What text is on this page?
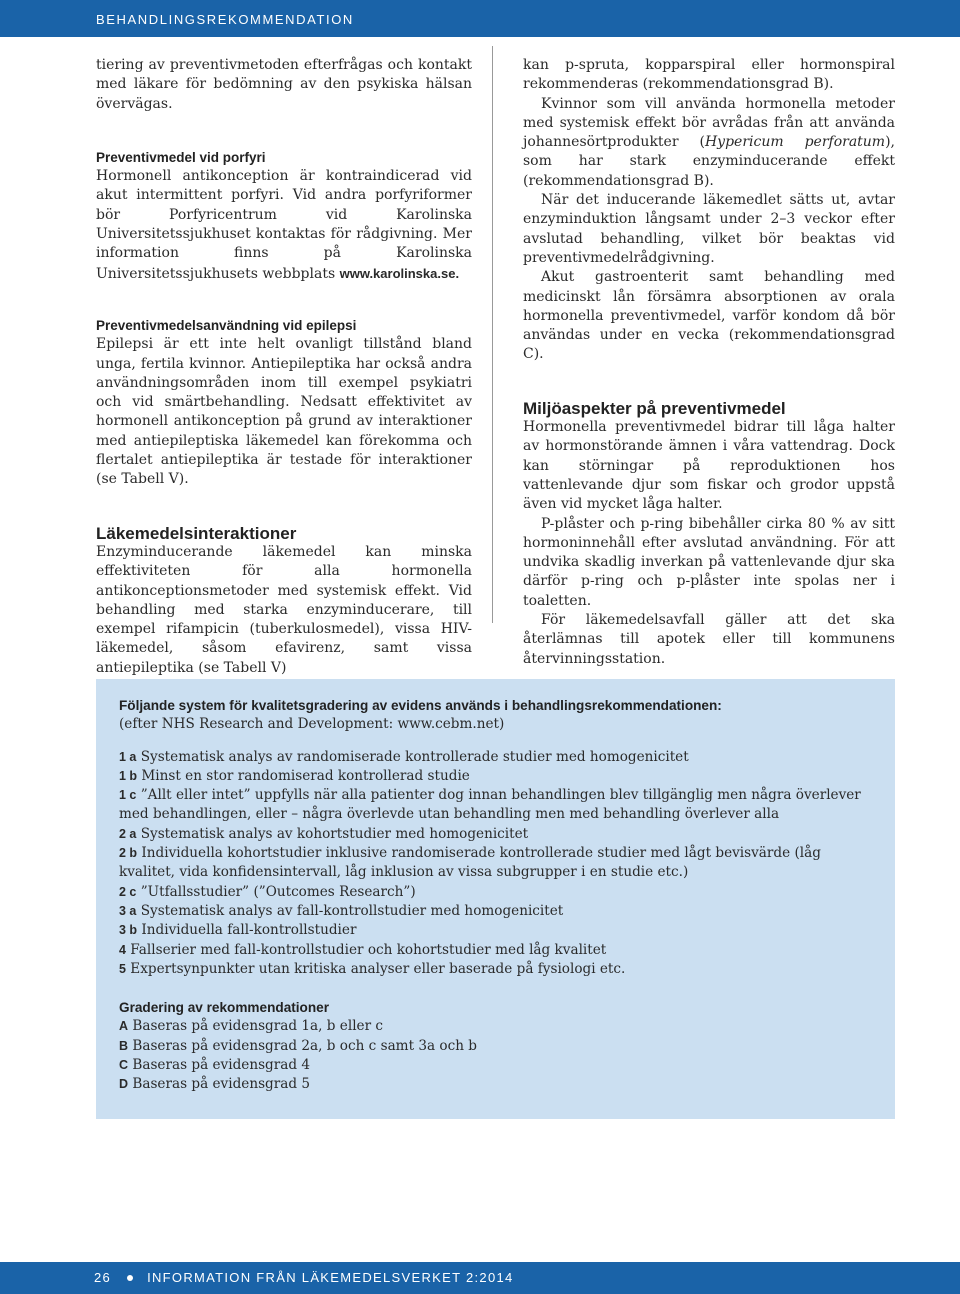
BEHANDLINGSREKOMMENDATION

tiering av preventivmetoden efterfrågas och kontakt med läkare för bedömning av den psykiska hälsan övervägas.

Preventivmedel vid porfyri

Hormonell antikonception är kontraindicerad vid akut intermittent porfyri. Vid andra porfyriformer bör Porfyricentrum vid Karolinska Universitetssjukhuset kontaktas för rådgivning. Mer information finns på Karolinska Universitetssjukhusets webbplats www.karolinska.se.

Preventivmedelsanvändning vid epilepsi

Epilepsi är ett inte helt ovanligt tillstånd bland unga, fertila kvinnor. Antiepileptika har också andra användningsområden inom till exempel psykiatri och vid smärtbehandling. Nedsatt effektivitet av hormonell antikonception på grund av interaktioner med antiepileptiska läkemedel kan förekomma och flertalet antiepileptika är testade för interaktioner (se Tabell V).

Läkemedelsinteraktioner

Enzyminducerande läkemedel kan minska effektiviteten för alla hormonella antikonceptionsmetoder med systemisk effekt. Vid behandling med starka enzyminducerare, till exempel rifampicin (tuberkulosmedel), vissa HIV-läkemedel, såsom efavirenz, samt vissa antiepileptika (se Tabell V)

kan p-spruta, kopparspiral eller hormonspiral rekommenderas (rekommendationsgrad B).

Kvinnor som vill använda hormonella metoder med systemisk effekt bör avrådas från att använda johannesörtprodukter (Hypericum perforatum), som har stark enzyminducerande effekt (rekommendationsgrad B).

När det inducerande läkemedlet sätts ut, avtar enzyminduktion långsamt under 2–3 veckor efter avslutad behandling, vilket bör beaktas vid preventivmedelrådgivning.

Akut gastroenterit samt behandling med medicinskt lån försämra absorptionen av orala hormonella preventivmedel, varför kondom då bör användas under en vecka (rekommendationsgrad C).

Miljöaspekter på preventivmedel

Hormonella preventivmedel bidrar till låga halter av hormonstörande ämnen i våra vattendrag. Dock kan störningar på reproduktionen hos vattenlevande djur som fiskar och grodor uppstå även vid mycket låga halter.

P-plåster och p-ring bibehåller cirka 80 % av sitt hormoninnehåll efter avslutad användning. För att undvika skadlig inverkan på vattenlevande djur ska därför p-ring och p-plåster inte spolas ner i toaletten.

För läkemedelsavfall gäller att det ska återlämnas till apotek eller till kommunens återvinningsstation.

Följande system för kvalitetsgradering av evidens används i behandlingsrekommendationen:
(efter NHS Research and Development: www.cebm.net)
1 a Systematisk analys av randomiserade kontrollerade studier med homogenicitet
1 b Minst en stor randomiserad kontrollerad studie
1 c ”Allt eller intet” uppfylls när alla patienter dog innan behandlingen blev tillgänglig men några överlever med behandlingen, eller – några överlevde utan behandling men med behandling överlever alla
2 a Systematisk analys av kohortstudier med homogenicitet
2 b Individuella kohortstudier inklusive randomiserade kontrollerade studier med lågt bevisvärde (låg kvalitet, vida konfidensintervall, låg inklusion av vissa subgrupper i en studie etc.)
2 c ”Utfallsstudier” (”Outcomes Research”)
3 a Systematisk analys av fall-kontrollstudier med homogenicitet
3 b Individuella fall-kontrollstudier
4 Fallserier med fall-kontrollstudier och kohortstudier med låg kvalitet
5 Expertsynpunkter utan kritiska analyser eller baserade på fysiologi etc.
Gradering av rekommendationer
A Baseras på evidensgrad 1a, b eller c
B Baseras på evidensgrad 2a, b och c samt 3a och b
C Baseras på evidensgrad 4
D Baseras på evidensgrad 5
26	INFORMATION FRÅN LÄKEMEDELSVERKET 2:2014
